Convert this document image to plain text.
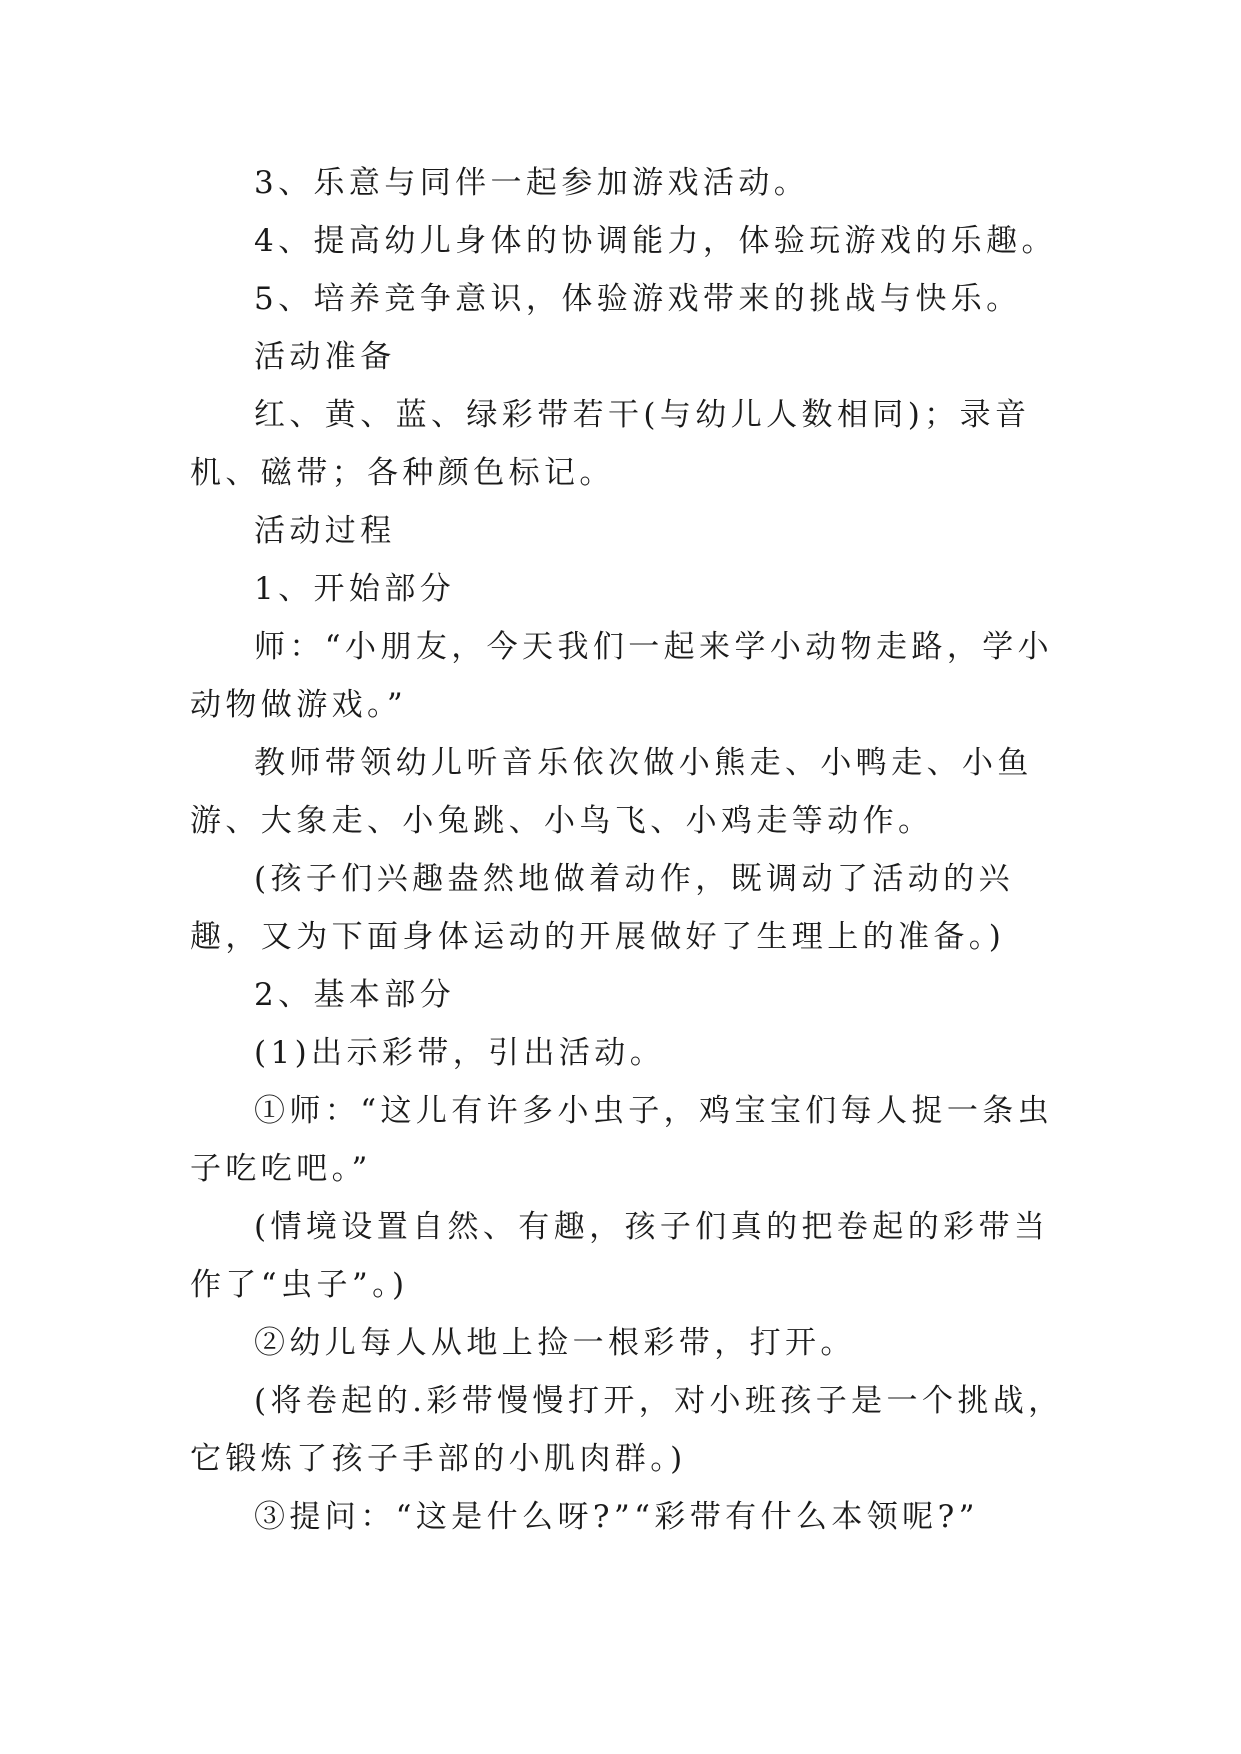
3、乐意与同伴一起参加游戏活动。

4、提高幼儿身体的协调能力，体验玩游戏的乐趣。

5、培养竞争意识，体验游戏带来的挑战与快乐。

活动准备

红、黄、蓝、绿彩带若干(与幼儿人数相同)；录音机、磁带；各种颜色标记。

活动过程

1、开始部分

师：“小朋友，今天我们一起来学小动物走路，学小动物做游戏。”

教师带领幼儿听音乐依次做小熊走、小鸭走、小鱼游、大象走、小兔跳、小鸟飞、小鸡走等动作。

(孩子们兴趣盎然地做着动作，既调动了活动的兴趣，又为下面身体运动的开展做好了生理上的准备。)

2、基本部分

(1)出示彩带，引出活动。

①师：“这儿有许多小虫子，鸡宝宝们每人捉一条虫子吃吃吧。”

(情境设置自然、有趣，孩子们真的把卷起的彩带当作了“虫子”。)

②幼儿每人从地上捡一根彩带，打开。

(将卷起的.彩带慢慢打开，对小班孩子是一个挑战，它锻炼了孩子手部的小肌肉群。)

③提问：“这是什么呀?”“彩带有什么本领呢?”
